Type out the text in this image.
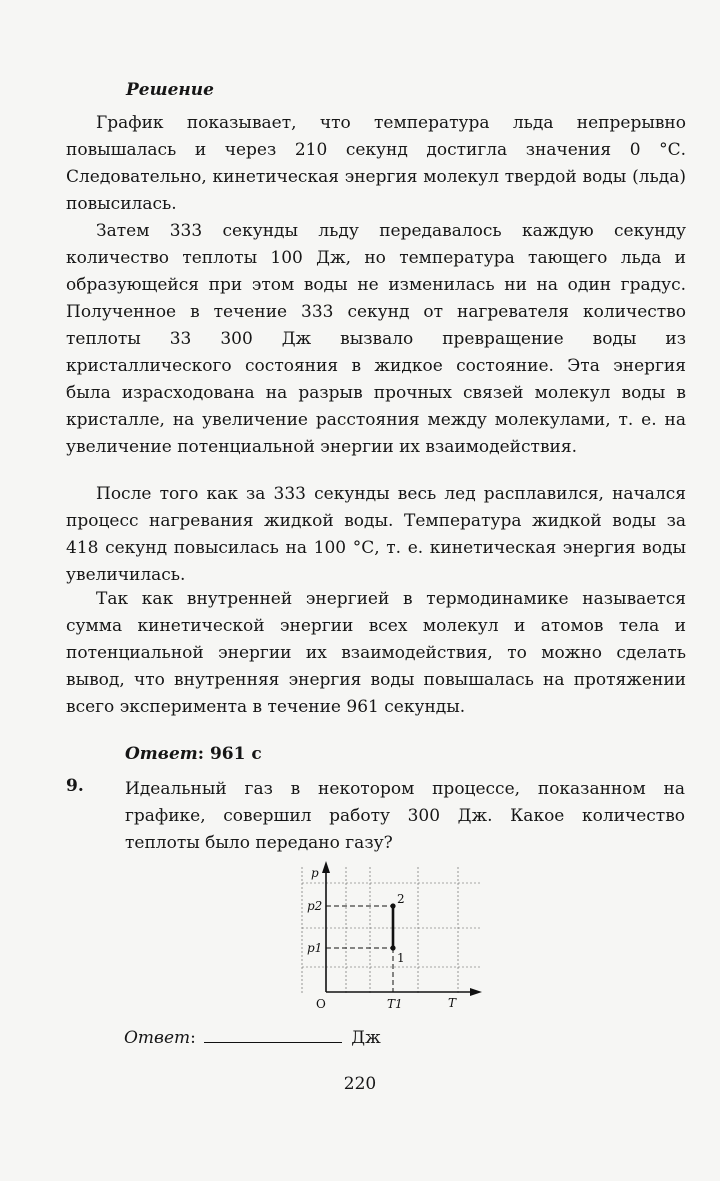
Решение

График показывает, что температура льда непрерывно повышалась и через 210 секунд достигла значения 0 °С. Следовательно, кинетическая энергия молекул твердой воды (льда) повысилась.

Затем 333 секунды льду передавалось каждую секунду количество теплоты 100 Дж, но температура тающего льда и образующейся при этом воды не изменилась ни на один градус. Полученное в течение 333 секунд от нагревателя количество теплоты 33 300 Дж вызвало превращение воды из кристаллического состояния в жидкое состояние. Эта энергия была израсходована на разрыв прочных связей молекул воды в кристалле, на увеличение расстояния между молекулами, т. е. на увеличение потенциальной энергии их взаимодействия.

После того как за 333 секунды весь лед расплавился, начался процесс нагревания жидкой воды. Температура жидкой воды за 418 секунд повысилась на 100 °С, т. е. кинетическая энергия воды увеличилась.

Так как внутренней энергией в термодинамике называется сумма кинетической энергии всех молекул и атомов тела и потенциальной энергии их взаимодействия, то можно сделать вывод, что внутренняя энергия воды повышалась на протяжении всего эксперимента в течение 961 секунды.

Ответ: 961 с
9. Идеальный газ в некотором процессе, показанном на графике, совершил работу 300 Дж. Какое количество теплоты было передано газу?

p
T
O
p2
p1
T1
2
1
Ответ:	Дж
220
